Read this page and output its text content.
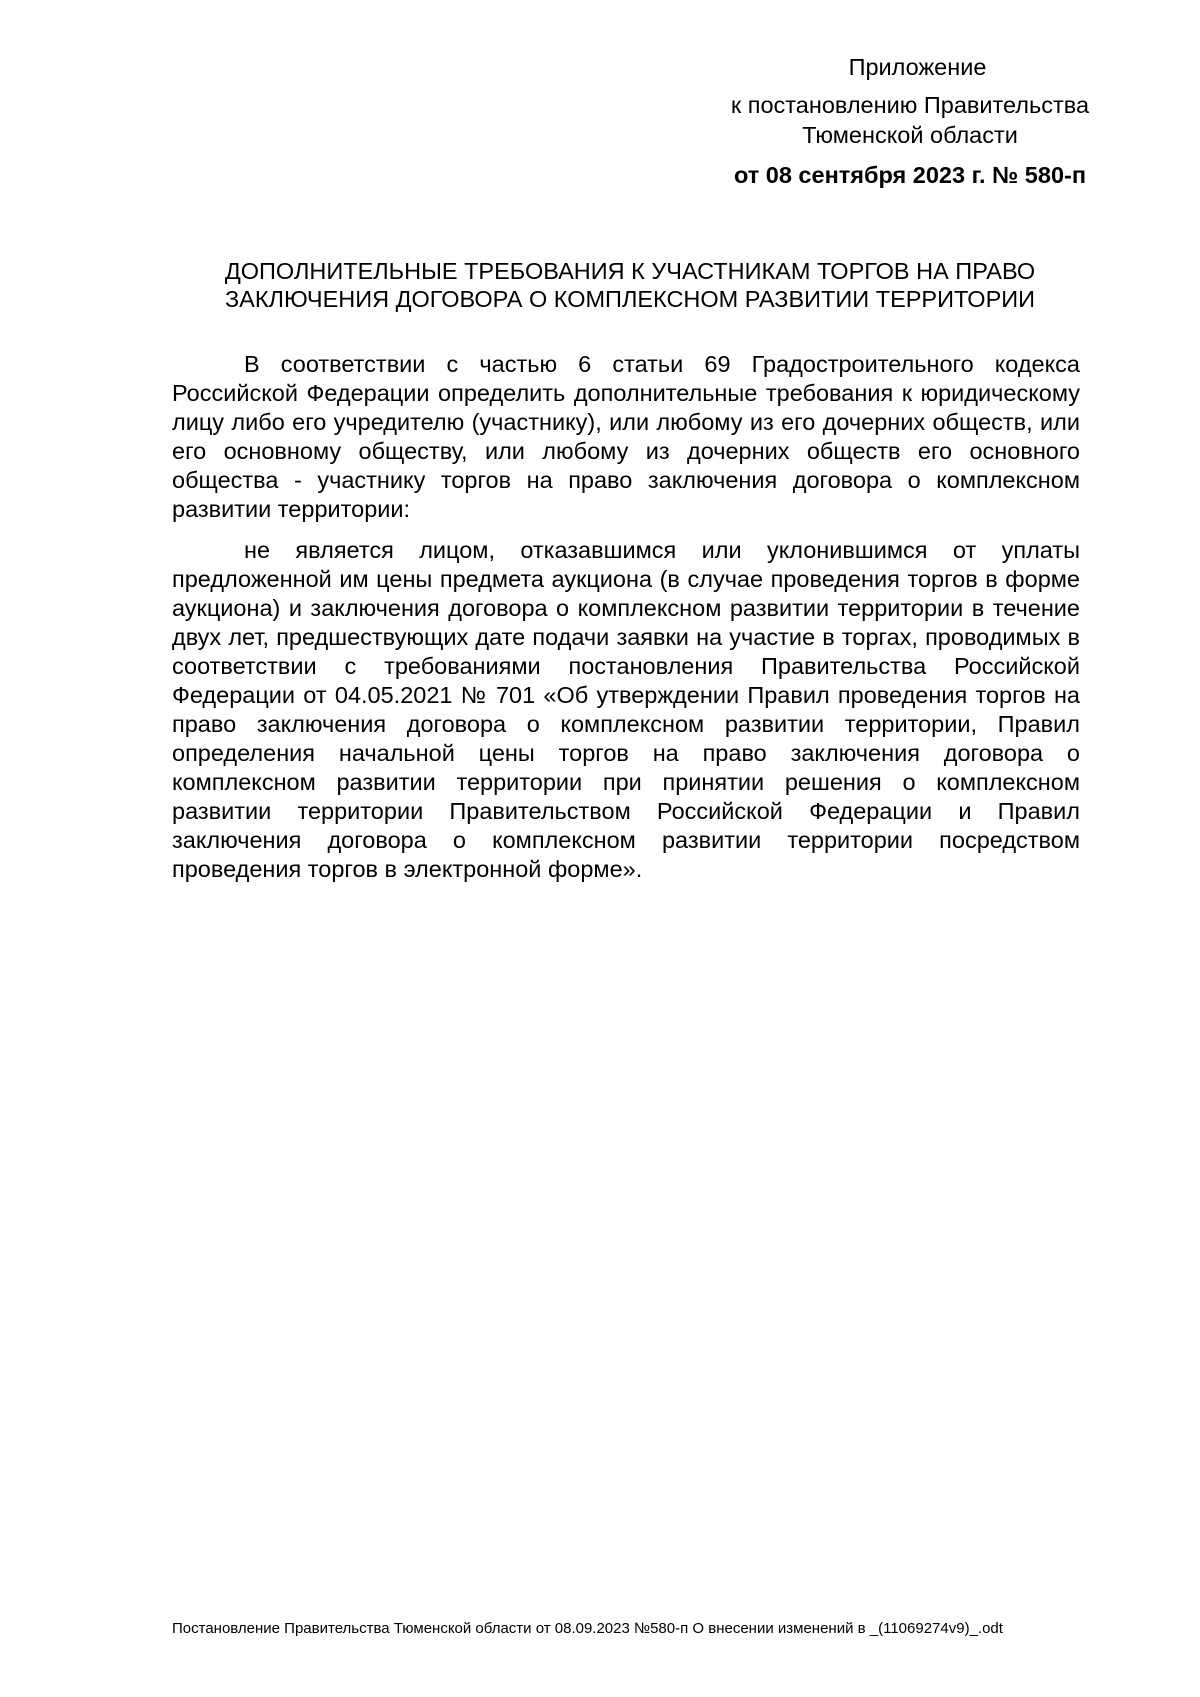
Приложение
к постановлению Правительства
Тюменской области
от 08 сентября 2023 г. № 580-п
ДОПОЛНИТЕЛЬНЫЕ ТРЕБОВАНИЯ К УЧАСТНИКАМ ТОРГОВ НА ПРАВО ЗАКЛЮЧЕНИЯ ДОГОВОРА О КОМПЛЕКСНОМ РАЗВИТИИ ТЕРРИТОРИИ

В соответствии с частью 6 статьи 69 Градостроительного кодекса Российской Федерации определить дополнительные требования к юридическому лицу либо его учредителю (участнику), или любому из его дочерних обществ, или его основному обществу, или любому из дочерних обществ его основного общества - участнику торгов на право заключения договора о комплексном развитии территории:

не является лицом, отказавшимся или уклонившимся от уплаты предложенной им цены предмета аукциона (в случае проведения торгов в форме аукциона) и заключения договора о комплексном развитии территории в течение двух лет, предшествующих дате подачи заявки на участие в торгах, проводимых в соответствии с требованиями постановления Правительства Российской Федерации от 04.05.2021 № 701 «Об утверждении Правил проведения торгов на право заключения договора о комплексном развитии территории, Правил определения начальной цены торгов на право заключения договора о комплексном развитии территории при принятии решения о комплексном развитии территории Правительством Российской Федерации и Правил заключения договора о комплексном развитии территории посредством проведения торгов в электронной форме».

Постановление Правительства Тюменской области от 08.09.2023 №580-п О внесении изменений в _(11069274v9)_.odt
